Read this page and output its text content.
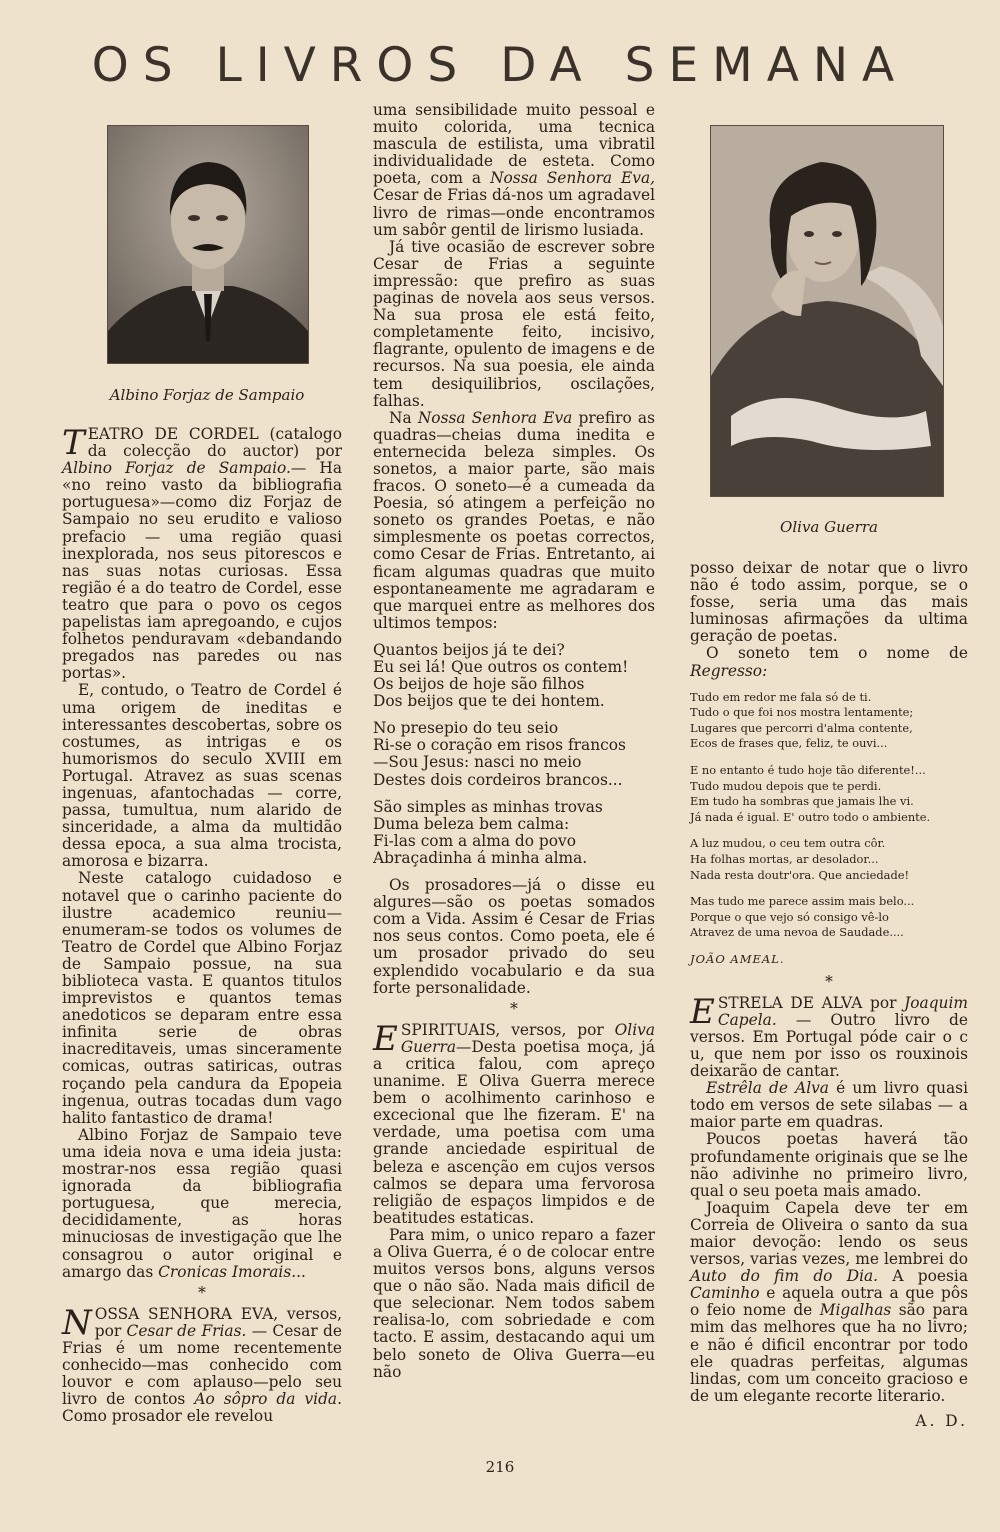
OS LIVROS DA SEMANA
Albino Forjaz de Sampaio
Oliva Guerra

TEATRO DE CORDEL (catalogo da colecção do auctor) por Albino Forjaz de Sampaio.— Ha «no reino vasto da bibliografia portuguesa»—como diz Forjaz de Sampaio no seu erudito e valioso prefacio — uma região quasi inexplorada, nos seus pitorescos e nas suas notas curiosas. Essa região é a do teatro de Cordel, esse teatro que para o povo os cegos papelistas iam apregoando, e cujos folhetos penduravam «debandando pregados nas paredes ou nas portas».

E, contudo, o Teatro de Cordel é uma origem de ineditas e interessantes descobertas, sobre os costumes, as intrigas e os humorismos do seculo XVIII em Portugal. Atravez as suas scenas ingenuas, afantochadas — corre, passa, tumultua, num alarido de sinceridade, a alma da multidão dessa epoca, a sua alma trocista, amorosa e bizarra.

Neste catalogo cuidadoso e notavel que o carinho paciente do ilustre academico reuniu—enumeram-se todos os volumes de Teatro de Cordel que Albino Forjaz de Sampaio possue, na sua biblioteca vasta. E quantos titulos imprevistos e quantos temas anedoticos se deparam entre essa infinita serie de obras inacreditaveis, umas sinceramente comicas, outras satiricas, outras roçando pela candura da Epopeia ingenua, outras tocadas dum vago halito fantastico de drama!

Albino Forjaz de Sampaio teve uma ideia nova e uma ideia justa: mostrar-nos essa região quasi ignorada da bibliografia portuguesa, que merecia, decididamente, as horas minuciosas de investigação que lhe consagrou o autor original e amargo das Cronicas Imorais...

*

NOSSA SENHORA EVA, versos, por Cesar de Frias. — Cesar de Frias é um nome recentemente conhecido—mas conhecido com louvor e com aplauso—pelo seu livro de contos Ao sôpro da vida. Como prosador ele revelou

uma sensibilidade muito pessoal e muito colorida, uma tecnica mascula de estilista, uma vibratil individualidade de esteta. Como poeta, com a Nossa Senhora Eva, Cesar de Frias dá-nos um agradavel livro de rimas—onde encontramos um sabôr gentil de lirismo lusiada.

Já tive ocasião de escrever sobre Cesar de Frias a seguinte impressão: que prefiro as suas paginas de novela aos seus versos. Na sua prosa ele está feito, completamente feito, incisivo, flagrante, opulento de imagens e de recursos. Na sua poesia, ele ainda tem desiquilibrios, oscilações, falhas.

Na Nossa Senhora Eva prefiro as quadras—cheias duma inedita e enternecida beleza simples. Os sonetos, a maior parte, são mais fracos. O soneto—é a cumeada da Poesia, só atingem a perfeição no soneto os grandes Poetas, e não simplesmente os poetas correctos, como Cesar de Frias. Entretanto, ai ficam algumas quadras que muito espontaneamente me agradaram e que marquei entre as melhores dos ultimos tempos:

Quantos beijos já te dei?
Eu sei lá! Que outros os contem!
Os beijos de hoje são filhos
Dos beijos que te dei hontem.
No presepio do teu seio
Ri-se o coração em risos francos
—Sou Jesus: nasci no meio
Destes dois cordeiros brancos...
São simples as minhas trovas
Duma beleza bem calma:
Fi-las com a alma do povo
Abraçadinha á minha alma.

Os prosadores—já o disse eu algures—são os poetas somados com a Vida. Assim é Cesar de Frias nos seus contos. Como poeta, ele é um prosador privado do seu explendido vocabulario e da sua forte personalidade.

*

ESPIRITUAIS, versos, por Oliva Guerra—Desta poetisa moça, já a critica falou, com apreço unanime. E Oliva Guerra merece bem o acolhimento carinhoso e excecional que lhe fizeram. E' na verdade, uma poetisa com uma grande anciedade espiritual de beleza e ascenção em cujos versos calmos se depara uma fervorosa religião de espaços limpidos e de beatitudes estaticas.

Para mim, o unico reparo a fazer a Oliva Guerra, é o de colocar entre muitos versos bons, alguns versos que o não são. Nada mais dificil de que selecionar. Nem todos sabem realisa-lo, com sobriedade e com tacto. E assim, destacando aqui um belo soneto de Oliva Guerra—eu não

posso deixar de notar que o livro não é todo assim, porque, se o fosse, seria uma das mais luminosas afirmações da ultima geração de poetas.

O soneto tem o nome de Regresso:

Tudo em redor me fala só de ti.
Tudo o que foi nos mostra lentamente;
Lugares que percorri d'alma contente,
Ecos de frases que, feliz, te ouvi...
E no entanto é tudo hoje tão diferente!...
Tudo mudou depois que te perdi.
Em tudo ha sombras que jamais lhe vi.
Já nada é igual. E' outro todo o ambiente.
A luz mudou, o ceu tem outra côr.
Ha folhas mortas, ar desolador...
Nada resta doutr'ora. Que anciedade!
Mas tudo me parece assim mais belo...
Porque o que vejo só consigo vê-lo
Atravez de uma nevoa de Saudade....
JOÃO AMEAL.

*

ESTRELA DE ALVA por Joaquim Capela. — Outro livro de versos. Em Portugal póde cair o c u, que nem por isso os rouxinois deixarão de cantar.

Estrêla de Alva é um livro quasi todo em versos de sete silabas — a maior parte em quadras.

Poucos poetas haverá tão profundamente originais que se lhe não adivinhe no primeiro livro, qual o seu poeta mais amado.

Joaquim Capela deve ter em Correia de Oliveira o santo da sua maior devoção: lendo os seus versos, varias vezes, me lembrei do Auto do fim do Dia. A poesia Caminho e aquela outra a que pôs o feio nome de Migalhas são para mim das melhores que ha no livro; e não é dificil encontrar por todo ele quadras perfeitas, algumas lindas, com um conceito gracioso e de um elegante recorte literario.

A. D.

216
